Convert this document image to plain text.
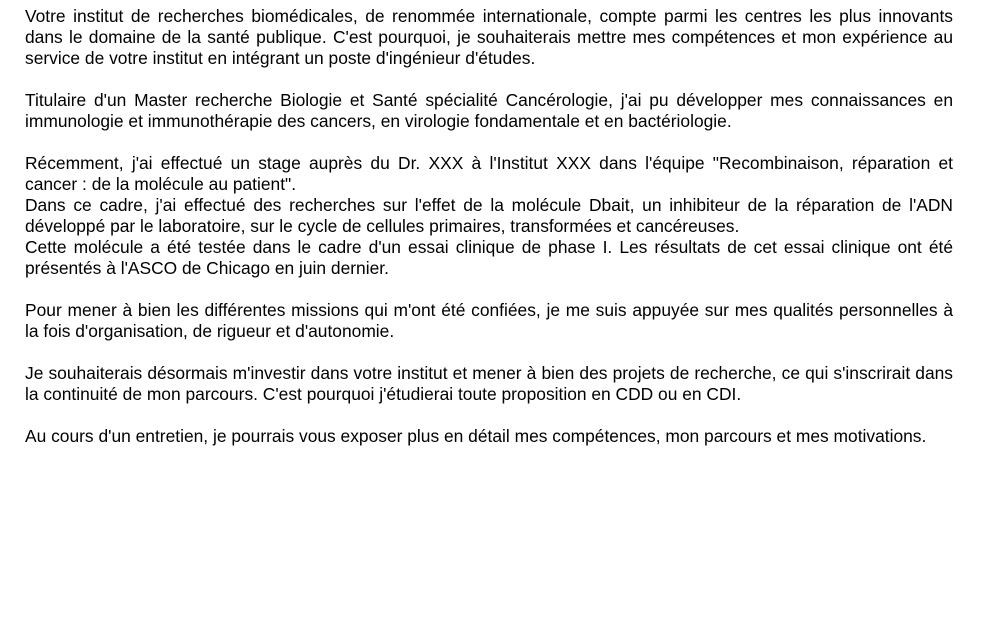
Votre institut de recherches biomédicales, de renommée internationale, compte parmi les centres les plus innovants dans le domaine de la santé publique. C'est pourquoi, je souhaiterais mettre mes compétences et mon expérience au service de votre institut en intégrant un poste d'ingénieur d'études.

Titulaire d'un Master recherche Biologie et Santé spécialité Cancérologie, j'ai pu développer mes connaissances en immunologie et immunothérapie des cancers, en virologie fondamentale et en bactériologie.

Récemment, j'ai effectué un stage auprès du Dr. XXX à l'Institut XXX dans l'équipe "Recombinaison, réparation et cancer : de la molécule au patient".
Dans ce cadre, j'ai effectué des recherches sur l'effet de la molécule Dbait, un inhibiteur de la réparation de l'ADN développé par le laboratoire, sur le cycle de cellules primaires, transformées et cancéreuses.
Cette molécule a été testée dans le cadre d'un essai clinique de phase I. Les résultats de cet essai clinique ont été présentés à l'ASCO de Chicago en juin dernier.

Pour mener à bien les différentes missions qui m'ont été confiées, je me suis appuyée sur mes qualités personnelles à la fois d'organisation, de rigueur et d'autonomie.

Je souhaiterais désormais m'investir dans votre institut et mener à bien des projets de recherche, ce qui s'inscrirait dans la continuité de mon parcours. C'est pourquoi j'étudierai toute proposition en CDD ou en CDI.

Au cours d'un entretien, je pourrais vous exposer plus en détail mes compétences, mon parcours et mes motivations.
